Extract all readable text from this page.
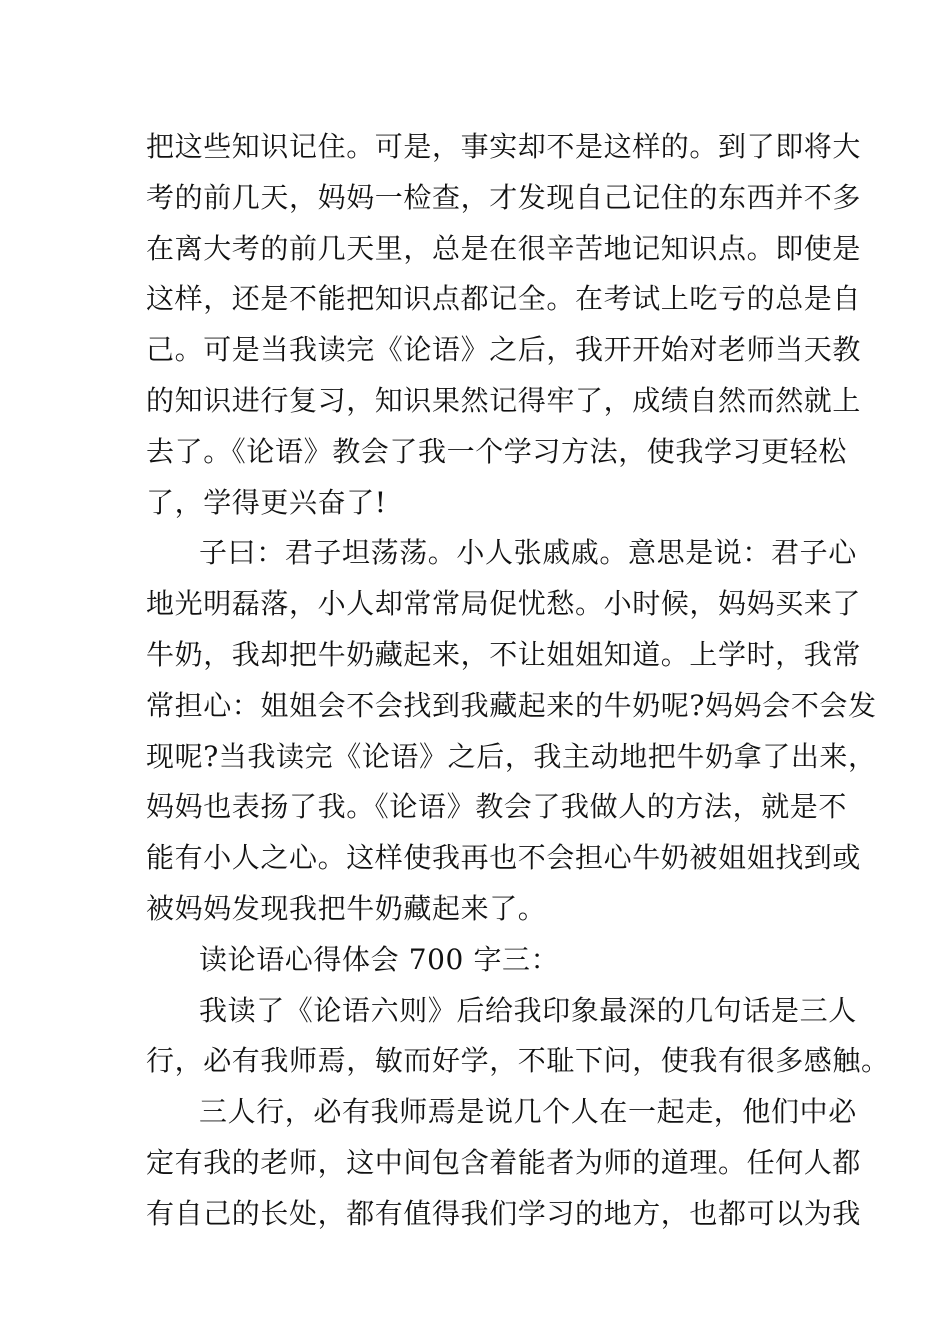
把这些知识记住。可是，事实却不是这样的。到了即将大
考的前几天，妈妈一检查，才发现自己记住的东西并不多
在离大考的前几天里，总是在很辛苦地记知识点。即使是
这样，还是不能把知识点都记全。在考试上吃亏的总是自
己。可是当我读完《论语》之后，我开开始对老师当天教
的知识进行复习，知识果然记得牢了，成绩自然而然就上
去了。《论语》教会了我一个学习方法，使我学习更轻松
了，学得更兴奋了!
子曰：君子坦荡荡。小人张戚戚。意思是说：君子心
地光明磊落，小人却常常局促忧愁。小时候，妈妈买来了
牛奶，我却把牛奶藏起来，不让姐姐知道。上学时，我常
常担心：姐姐会不会找到我藏起来的牛奶呢?妈妈会不会发
现呢?当我读完《论语》之后，我主动地把牛奶拿了出来，
妈妈也表扬了我。《论语》教会了我做人的方法，就是不
能有小人之心。这样使我再也不会担心牛奶被姐姐找到或
被妈妈发现我把牛奶藏起来了。
读论语心得体会 700 字三：
我读了《论语六则》后给我印象最深的几句话是三人
行，必有我师焉，敏而好学，不耻下问，使我有很多感触。
三人行，必有我师焉是说几个人在一起走，他们中必
定有我的老师，这中间包含着能者为师的道理。任何人都
有自己的长处，都有值得我们学习的地方，也都可以为我
